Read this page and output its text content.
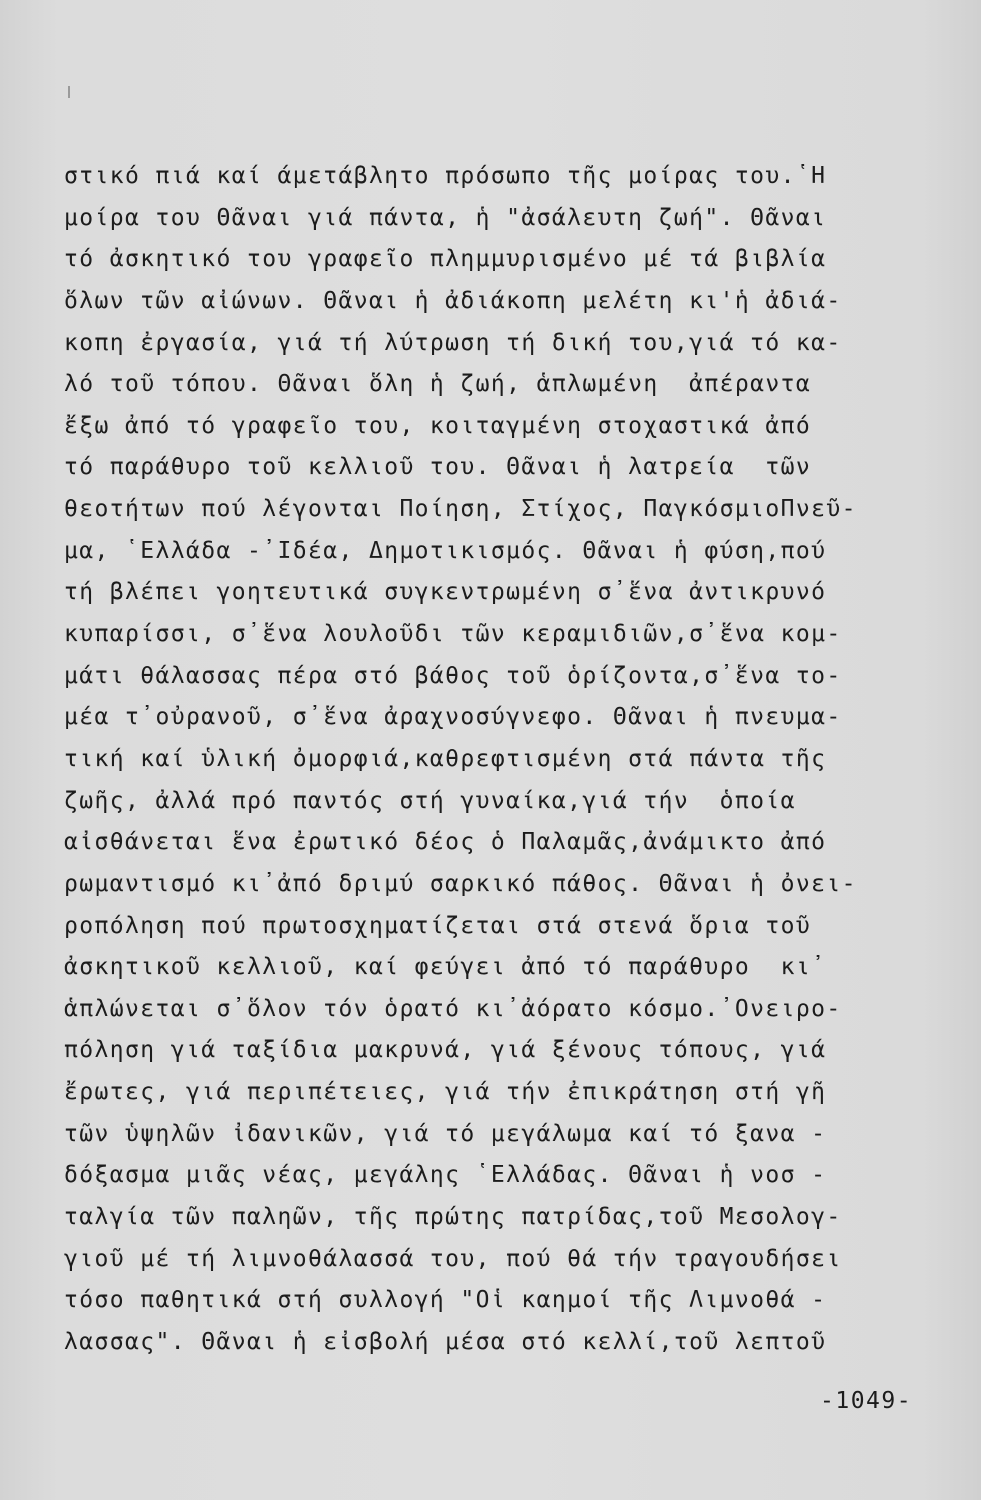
στικό πιά καί άμετάβλητο πρόσωπο τῆς μοίρας του.῾Η
μοίρα του Θᾶναι γιά πάντα, ἡ "ἀσάλευτη ζωή". Θᾶναι
τό ἀσκητικό του γραφεῖο πλημμυρισμένο μέ τά βιβλία
ὅλων τῶν αἰώνων. Θᾶναι ἡ ἀδιάκοπη μελέτη κι'ἡ ἀδιά-
κοπη ἐργασία, γιά τή λύτρωση τή δική του,γιά τό κα-
λό τοῦ τόπου. Θᾶναι ὅλη ἡ ζωή, ἁπλωμένη  ἀπέραντα
ἔξω ἀπό τό γραφεῖο του, κοιταγμένη στοχαστικά ἀπό
τό παράθυρο τοῦ κελλιοῦ του. Θᾶναι ἡ λατρεία  τῶν
θεοτήτων πού λέγονται Ποίηση, Στίχος, ΠαγκόσμιοΠνεῦ-
μα, ῾Ελλάδα -᾽Ιδέα, Δημοτικισμός. Θᾶναι ἡ φύση,πού
τή βλέπει γοητευτικά συγκεντρωμένη σ᾽ἕνα ἀντικρυνό
κυπαρίσσι, σ᾽ἕνα λουλοῦδι τῶν κεραμιδιῶν,σ᾽ἕνα κομ-
μάτι θάλασσας πέρα στό βάθος τοῦ ὁρίζοντα,σ᾽ἕνα το-
μέα τ᾽οὐρανοῦ, σ᾽ἕνα ἀραχνοσύγνεφο. Θᾶναι ἡ πνευμα-
τική καί ὑλική ὀμορφιά,καθρεφτισμένη στά πάντα τῆς
ζωῆς, ἀλλά πρό παντός στή γυναίκα,γιά τήν  ὁποία
αἰσθάνεται ἕνα ἐρωτικό δέος ὁ Παλαμᾶς,ἀνάμικτο ἀπό
ρωμαντισμό κι᾽ἀπό δριμύ σαρκικό πάθος. Θᾶναι ἡ ὀνει-
ροπόληση πού πρωτοσχηματίζεται στά στενά ὅρια τοῦ
ἀσκητικοῦ κελλιοῦ, καί φεύγει ἀπό τό παράθυρο  κι᾽
ἁπλώνεται σ᾽ὅλον τόν ὁρατό κι᾽ἀόρατο κόσμο.᾽Ονειρο-
πόληση γιά ταξίδια μακρυνά, γιά ξένους τόπους, γιά
ἔρωτες, γιά περιπέτειες, γιά τήν ἐπικράτηση στή γῆ
τῶν ὑψηλῶν ἰδανικῶν, γιά τό μεγάλωμα καί τό ξανα -
δόξασμα μιᾶς νέας, μεγάλης ῾Ελλάδας. Θᾶναι ἡ νοσ -
ταλγία τῶν παληῶν, τῆς πρώτης πατρίδας,τοῦ Μεσολογ-
γιοῦ μέ τή λιμνοθάλασσά του, πού θά τήν τραγουδήσει
τόσο παθητικά στή συλλογή "Οἱ καημοί τῆς Λιμνοθά -
λασσας". Θᾶναι ἡ εἰσβολή μέσα στό κελλί,τοῦ λεπτοῦ
-1049-
